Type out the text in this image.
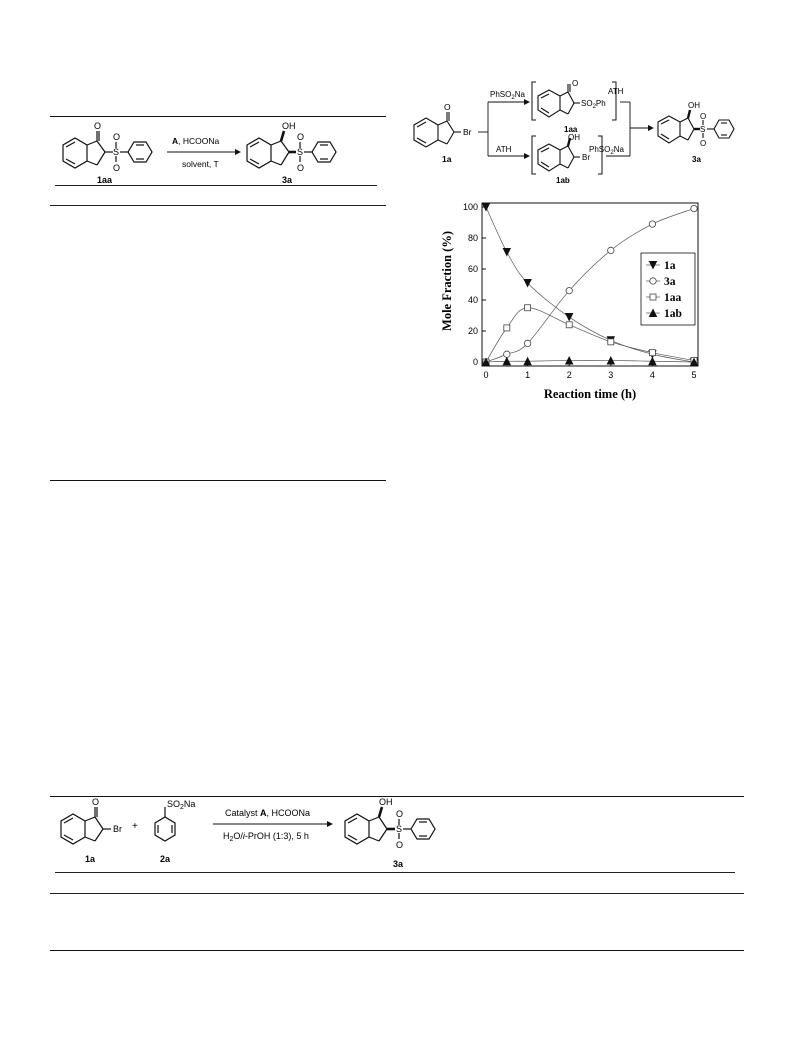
O
S
O
O
1aa
A, HCOONa
solvent, T
OH
S
O
O
3a
O
Br
1a
PhSO$_2$Na
ATH
O
$SO_2Ph$
1aa
OH
Br
1ab
ATH
PhSO$_2$Na
OH
S
O
O
3a
0	1	2	3	4	5
0
20
40
60
80
100
1a
3a
1aa
1ab
Mole Fraction (%)
Reaction time (h)
O
Br
1a
+
$SO_2Na$
2a
Catalyst A, HCOONa
$H_2O/i$-PrOH (1:3), 5 h
OH
S
O
O
3a
